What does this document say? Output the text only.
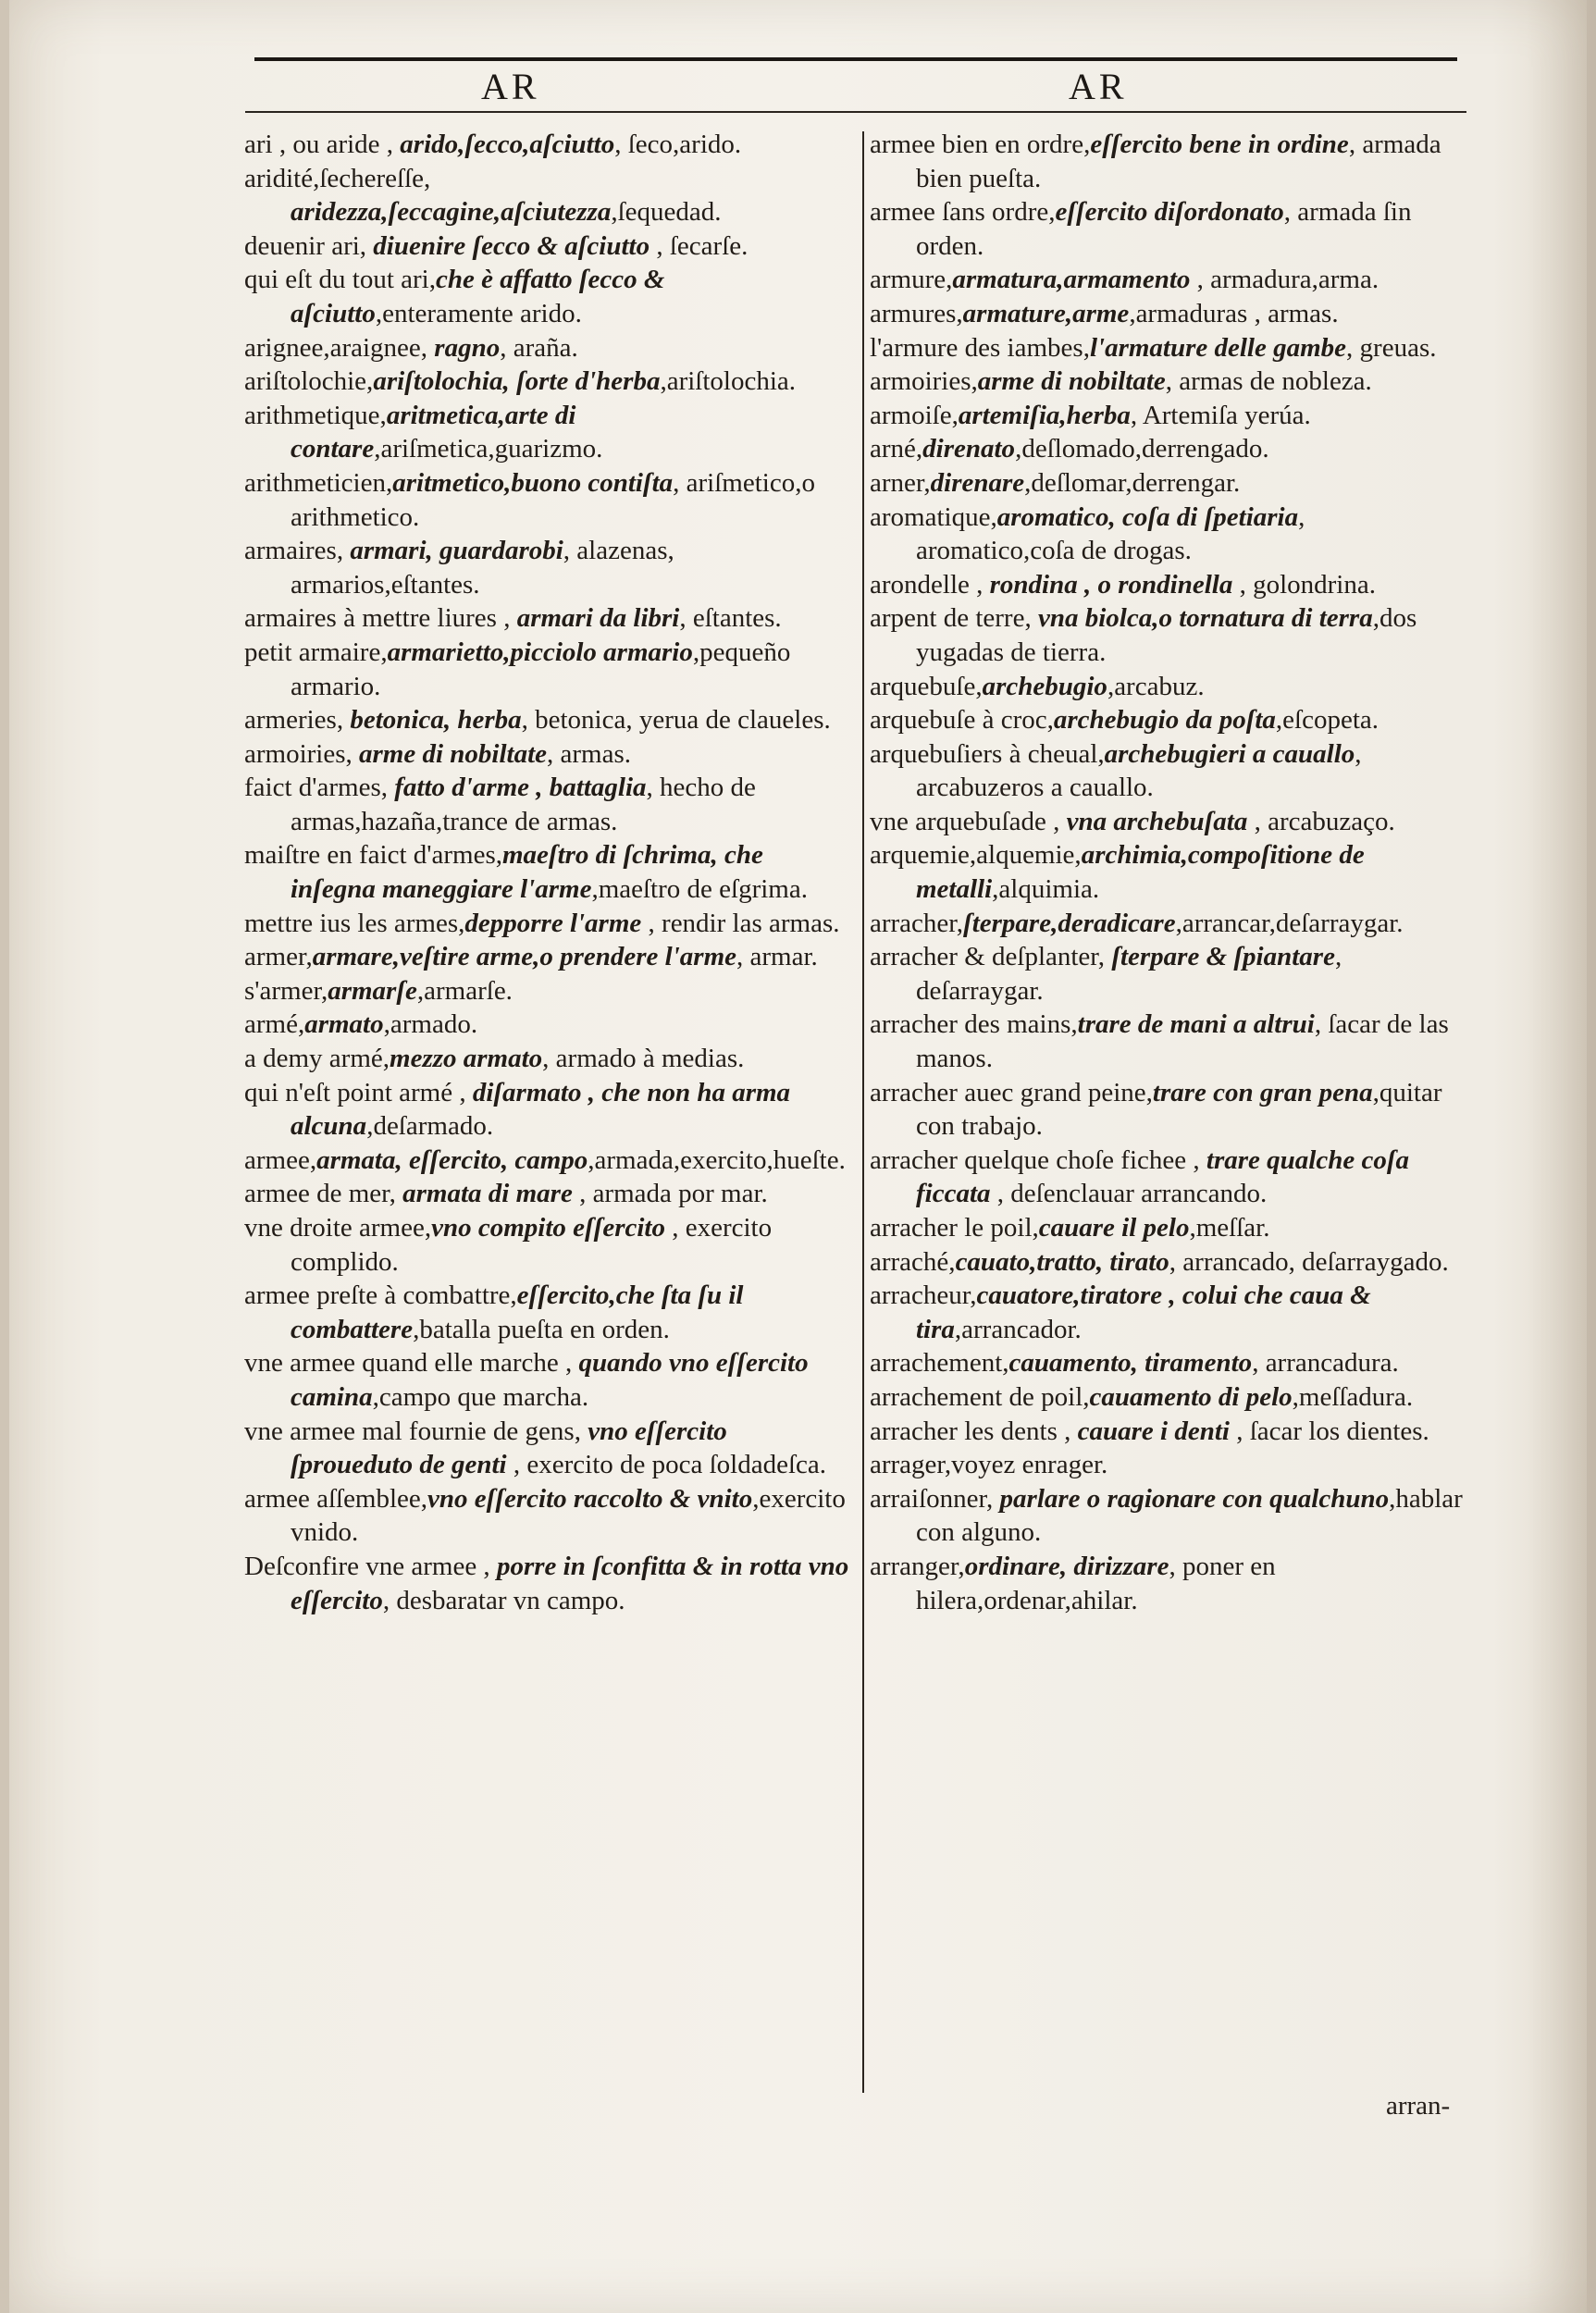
AR	AR
ari , ou aride , arido,ſecco,aſciutto, ſeco,arido.
aridité,ſechereſſe, aridezza,ſeccagine,aſciutezza,ſequedad.
deuenir ari, diuenire ſecco & aſciutto , ſecarſe.
qui eſt du tout ari,che è affatto ſecco & aſciutto,enteramente arido.
arignee,araignee, ragno, araña.
ariſtolochie,ariſtolochia, ſorte d'herba,ariſtolochia.
arithmetique,aritmetica,arte di contare,ariſmetica,guarizmo.
arithmeticien,aritmetico,buono contiſta, ariſmetico,o arithmetico.
armaires, armari, guardarobi, alazenas, armarios,eſtantes.
armaires à mettre liures , armari da libri, eſtantes.
petit armaire,armarietto,picciolo armario,pequeño armario.
armeries, betonica, herba, betonica, yerua de claueles.
armoiries, arme di nobiltate, armas.
faict d'armes, fatto d'arme , battaglia, hecho de armas,hazaña,trance de armas.
maiſtre en faict d'armes,maeſtro di ſchrima, che inſegna maneggiare l'arme,maeſtro de eſgrima.
mettre ius les armes,depporre l'arme , rendir las armas.
armer,armare,veſtire arme,o prendere l'arme, armar.
s'armer,armarſe,armarſe.
armé,armato,armado.
a demy armé,mezzo armato, armado à medias.
qui n'eſt point armé , diſarmato , che non ha arma alcuna,deſarmado.
armee,armata, eſſercito, campo,armada,exercito,hueſte.
armee de mer, armata di mare , armada por mar.
vne droite armee,vno compito eſſercito , exercito complido.
armee preſte à combattre,eſſercito,che ſta ſu il combattere,batalla pueſta en orden.
vne armee quand elle marche , quando vno eſſercito camina,campo que marcha.
vne armee mal fournie de gens, vno eſſercito ſproueduto de genti , exercito de poca ſoldadeſca.
armee aſſemblee,vno eſſercito raccolto & vnito,exercito vnido.
Deſconfire vne armee , porre in ſconfitta & in rotta vno eſſercito, desbaratar vn campo.
armee bien en ordre,eſſercito bene in ordine, armada bien pueſta.
armee ſans ordre,eſſercito diſordonato, armada ſin orden.
armure,armatura,armamento , armadura,arma.
armures,armature,arme,armaduras , armas.
l'armure des iambes,l'armature delle gambe, greuas.
armoiries,arme di nobiltate, armas de nobleza.
armoiſe,artemiſia,herba, Artemiſa yerúa.
arné,direnato,deſlomado,derrengado.
arner,direnare,deſlomar,derrengar.
aromatique,aromatico, coſa di ſpetiaria, aromatico,coſa de drogas.
arondelle , rondina , o rondinella , golondrina.
arpent de terre, vna biolca,o tornatura di terra,dos yugadas de tierra.
arquebuſe,archebugio,arcabuz.
arquebuſe à croc,archebugio da poſta,eſcopeta.
arquebuſiers à cheual,archebugieri a cauallo, arcabuzeros a cauallo.
vne arquebuſade , vna archebuſata , arcabuzaço.
arquemie,alquemie,archimia,compoſitione de metalli,alquimia.
arracher,ſterpare,deradicare,arrancar,deſarraygar.
arracher & deſplanter, ſterpare & ſpiantare, deſarraygar.
arracher des mains,trare de mani a altrui, ſacar de las manos.
arracher auec grand peine,trare con gran pena,quitar con trabajo.
arracher quelque choſe fichee , trare qualche coſa ficcata , deſenclauar arrancando.
arracher le poil,cauare il pelo,meſſar.
arraché,cauato,tratto, tirato, arrancado, deſarraygado.
arracheur,cauatore,tiratore , colui che caua & tira,arrancador.
arrachement,cauamento, tiramento, arrancadura.
arrachement de poil,cauamento di pelo,meſſadura.
arracher les dents , cauare i denti , ſacar los dientes.
arrager,voyez enrager.
arraiſonner, parlare o ragionare con qualchuno,hablar con alguno.
arranger,ordinare, dirizzare, poner en hilera,ordenar,ahilar.
arran-
